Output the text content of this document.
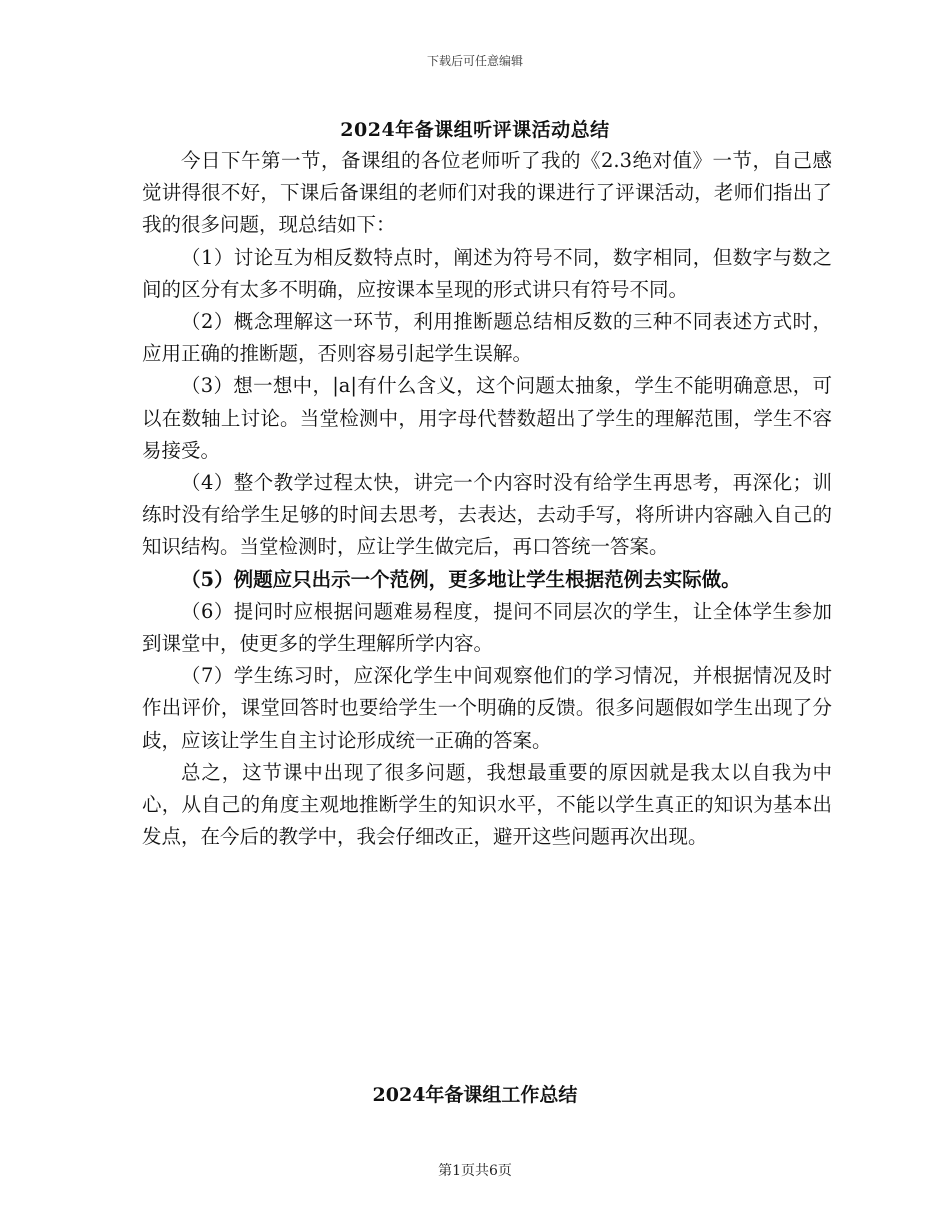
下载后可任意编辑
2024年备课组听评课活动总结

今日下午第一节，备课组的各位老师听了我的《2.3绝对值》一节，自己感觉讲得很不好，下课后备课组的老师们对我的课进行了评课活动，老师们指出了我的很多问题，现总结如下：

（1）讨论互为相反数特点时，阐述为符号不同，数字相同，但数字与数之间的区分有太多不明确，应按课本呈现的形式讲只有符号不同。

（2）概念理解这一环节，利用推断题总结相反数的三种不同表述方式时，应用正确的推断题，否则容易引起学生误解。

（3）想一想中，|a|有什么含义，这个问题太抽象，学生不能明确意思，可以在数轴上讨论。当堂检测中，用字母代替数超出了学生的理解范围，学生不容易接受。

（4）整个教学过程太快，讲完一个内容时没有给学生再思考，再深化；训练时没有给学生足够的时间去思考，去表达，去动手写，将所讲内容融入自己的知识结构。当堂检测时，应让学生做完后，再口答统一答案。

（5）例题应只出示一个范例，更多地让学生根据范例去实际做。

（6）提问时应根据问题难易程度，提问不同层次的学生，让全体学生参加到课堂中，使更多的学生理解所学内容。

（7）学生练习时，应深化学生中间观察他们的学习情况，并根据情况及时作出评价，课堂回答时也要给学生一个明确的反馈。很多问题假如学生出现了分歧，应该让学生自主讨论形成统一正确的答案。

总之，这节课中出现了很多问题，我想最重要的原因就是我太以自我为中心，从自己的角度主观地推断学生的知识水平，不能以学生真正的知识为基本出发点，在今后的教学中，我会仔细改正，避开这些问题再次出现。

2024年备课组工作总结
第1页共6页
